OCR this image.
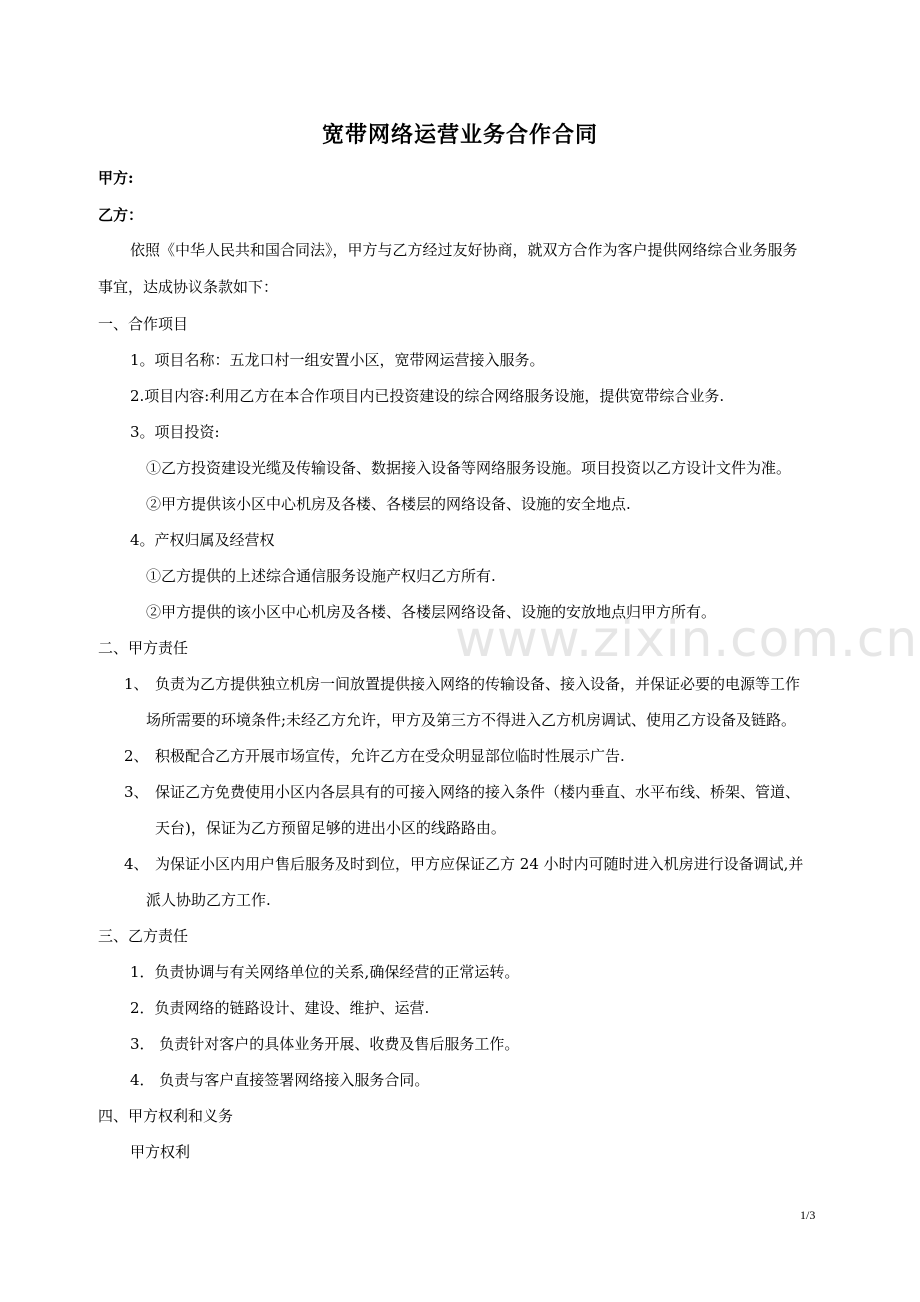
www.zixin.com.cn
宽带网络运营业务合作合同
甲方:
乙方：
依照《中华人民共和国合同法》，甲方与乙方经过友好协商，就双方合作为客户提供网络综合业务服务
事宜，达成协议条款如下：
一、合作项目
1。项目名称：五龙口村一组安置小区，宽带网运营接入服务。
2.项目内容:利用乙方在本合作项目内已投资建设的综合网络服务设施，提供宽带综合业务.
3。项目投资:
①乙方投资建设光缆及传输设备、数据接入设备等网络服务设施。项目投资以乙方设计文件为准。
②甲方提供该小区中心机房及各楼、各楼层的网络设备、设施的安全地点.
4。产权归属及经营权
①乙方提供的上述综合通信服务设施产权归乙方所有.
②甲方提供的该小区中心机房及各楼、各楼层网络设备、设施的安放地点归甲方所有。
二、甲方责任
1、 负责为乙方提供独立机房一间放置提供接入网络的传输设备、接入设备，并保证必要的电源等工作
场所需要的环境条件;未经乙方允许，甲方及第三方不得进入乙方机房调试、使用乙方设备及链路。
2、 积极配合乙方开展市场宣传，允许乙方在受众明显部位临时性展示广告.
3、 保证乙方免费使用小区内各层具有的可接入网络的接入条件（楼内垂直、水平布线、桥架、管道、
天台)，保证为乙方预留足够的进出小区的线路路由。
4、 为保证小区内用户售后服务及时到位，甲方应保证乙方 24 小时内可随时进入机房进行设备调试,并
派人协助乙方工作.
三、乙方责任
1．负责协调与有关网络单位的关系,确保经营的正常运转。
2．负责网络的链路设计、建设、维护、运营.
3． 负责针对客户的具体业务开展、收费及售后服务工作。
4． 负责与客户直接签署网络接入服务合同。
四、甲方权利和义务
甲方权利
1/3
